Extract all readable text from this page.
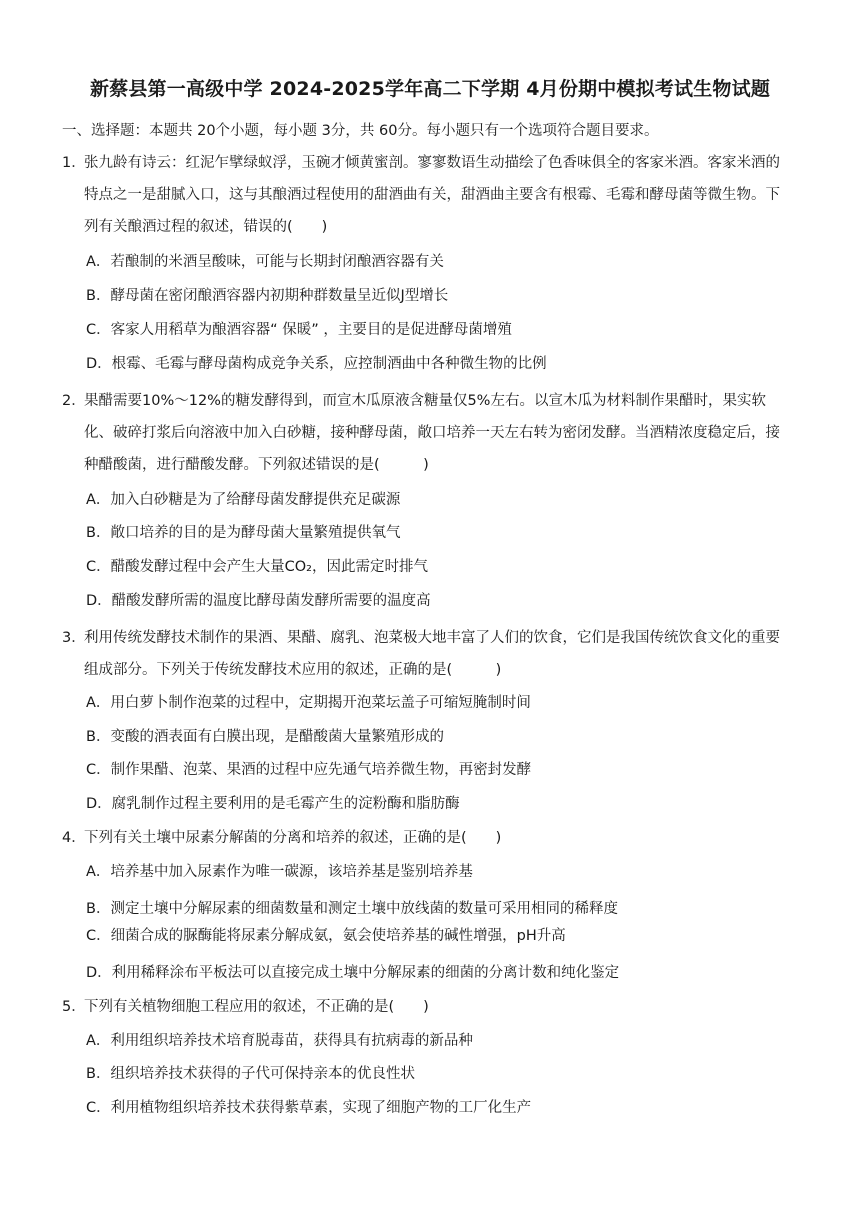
新蔡县第一高级中学 2024-2025学年高二下学期 4月份期中模拟考试生物试题
一、选择题：本题共 20个小题，每小题 3分，共 60分。每小题只有一个选项符合题目要求。
1．
张九龄有诗云：红泥乍擘绿蚁浮，玉碗才倾黄蜜剖。寥寥数语生动描绘了色香味俱全的客家米酒。客家米酒的特点之一是甜腻入口，这与其酿酒过程使用的甜酒曲有关，甜酒曲主要含有根霉、毛霉和酵母菌等微生物。下列有关酿酒过程的叙述，错误的(　　)
A．若酿制的米酒呈酸味，可能与长期封闭酿酒容器有关
B．酵母菌在密闭酿酒容器内初期种群数量呈近似J型增长
C．客家人用稻草为酿酒容器“ 保暖” ，主要目的是促进酵母菌增殖
D．根霉、毛霉与酵母菌构成竞争关系，应控制酒曲中各种微生物的比例
2．
果醋需要10%～12%的糖发酵得到，而宣木瓜原液含糖量仅5%左右。以宣木瓜为材料制作果醋时，果实软化、破碎打浆后向溶液中加入白砂糖，接种酵母菌，敞口培养一天左右转为密闭发酵。当酒精浓度稳定后，接种醋酸菌，进行醋酸发酵。下列叙述错误的是(　　　)
A．加入白砂糖是为了给酵母菌发酵提供充足碳源
B．敞口培养的目的是为酵母菌大量繁殖提供氧气
C．醋酸发酵过程中会产生大量CO₂，因此需定时排气
D．醋酸发酵所需的温度比酵母菌发酵所需要的温度高
3．
利用传统发酵技术制作的果酒、果醋、腐乳、泡菜极大地丰富了人们的饮食，它们是我国传统饮食文化的重要组成部分。下列关于传统发酵技术应用的叙述，正确的是(　　　)
A．用白萝卜制作泡菜的过程中，定期揭开泡菜坛盖子可缩短腌制时间
B．变酸的酒表面有白膜出现，是醋酸菌大量繁殖形成的
C．制作果醋、泡菜、果酒的过程中应先通气培养微生物，再密封发酵
D．腐乳制作过程主要利用的是毛霉产生的淀粉酶和脂肪酶
4．
下列有关土壤中尿素分解菌的分离和培养的叙述，正确的是(　　)
A．培养基中加入尿素作为唯一碳源，该培养基是鉴别培养基
B．测定土壤中分解尿素的细菌数量和测定土壤中放线菌的数量可采用相同的稀释度
C．细菌合成的脲酶能将尿素分解成氨，氨会使培养基的碱性增强，pH升高
D．利用稀释涂布平板法可以直接完成土壤中分解尿素的细菌的分离计数和纯化鉴定
5．
下列有关植物细胞工程应用的叙述，不正确的是(　　)
A．利用组织培养技术培育脱毒苗，获得具有抗病毒的新品种
B．组织培养技术获得的子代可保持亲本的优良性状
C．利用植物组织培养技术获得紫草素，实现了细胞产物的工厂化生产
